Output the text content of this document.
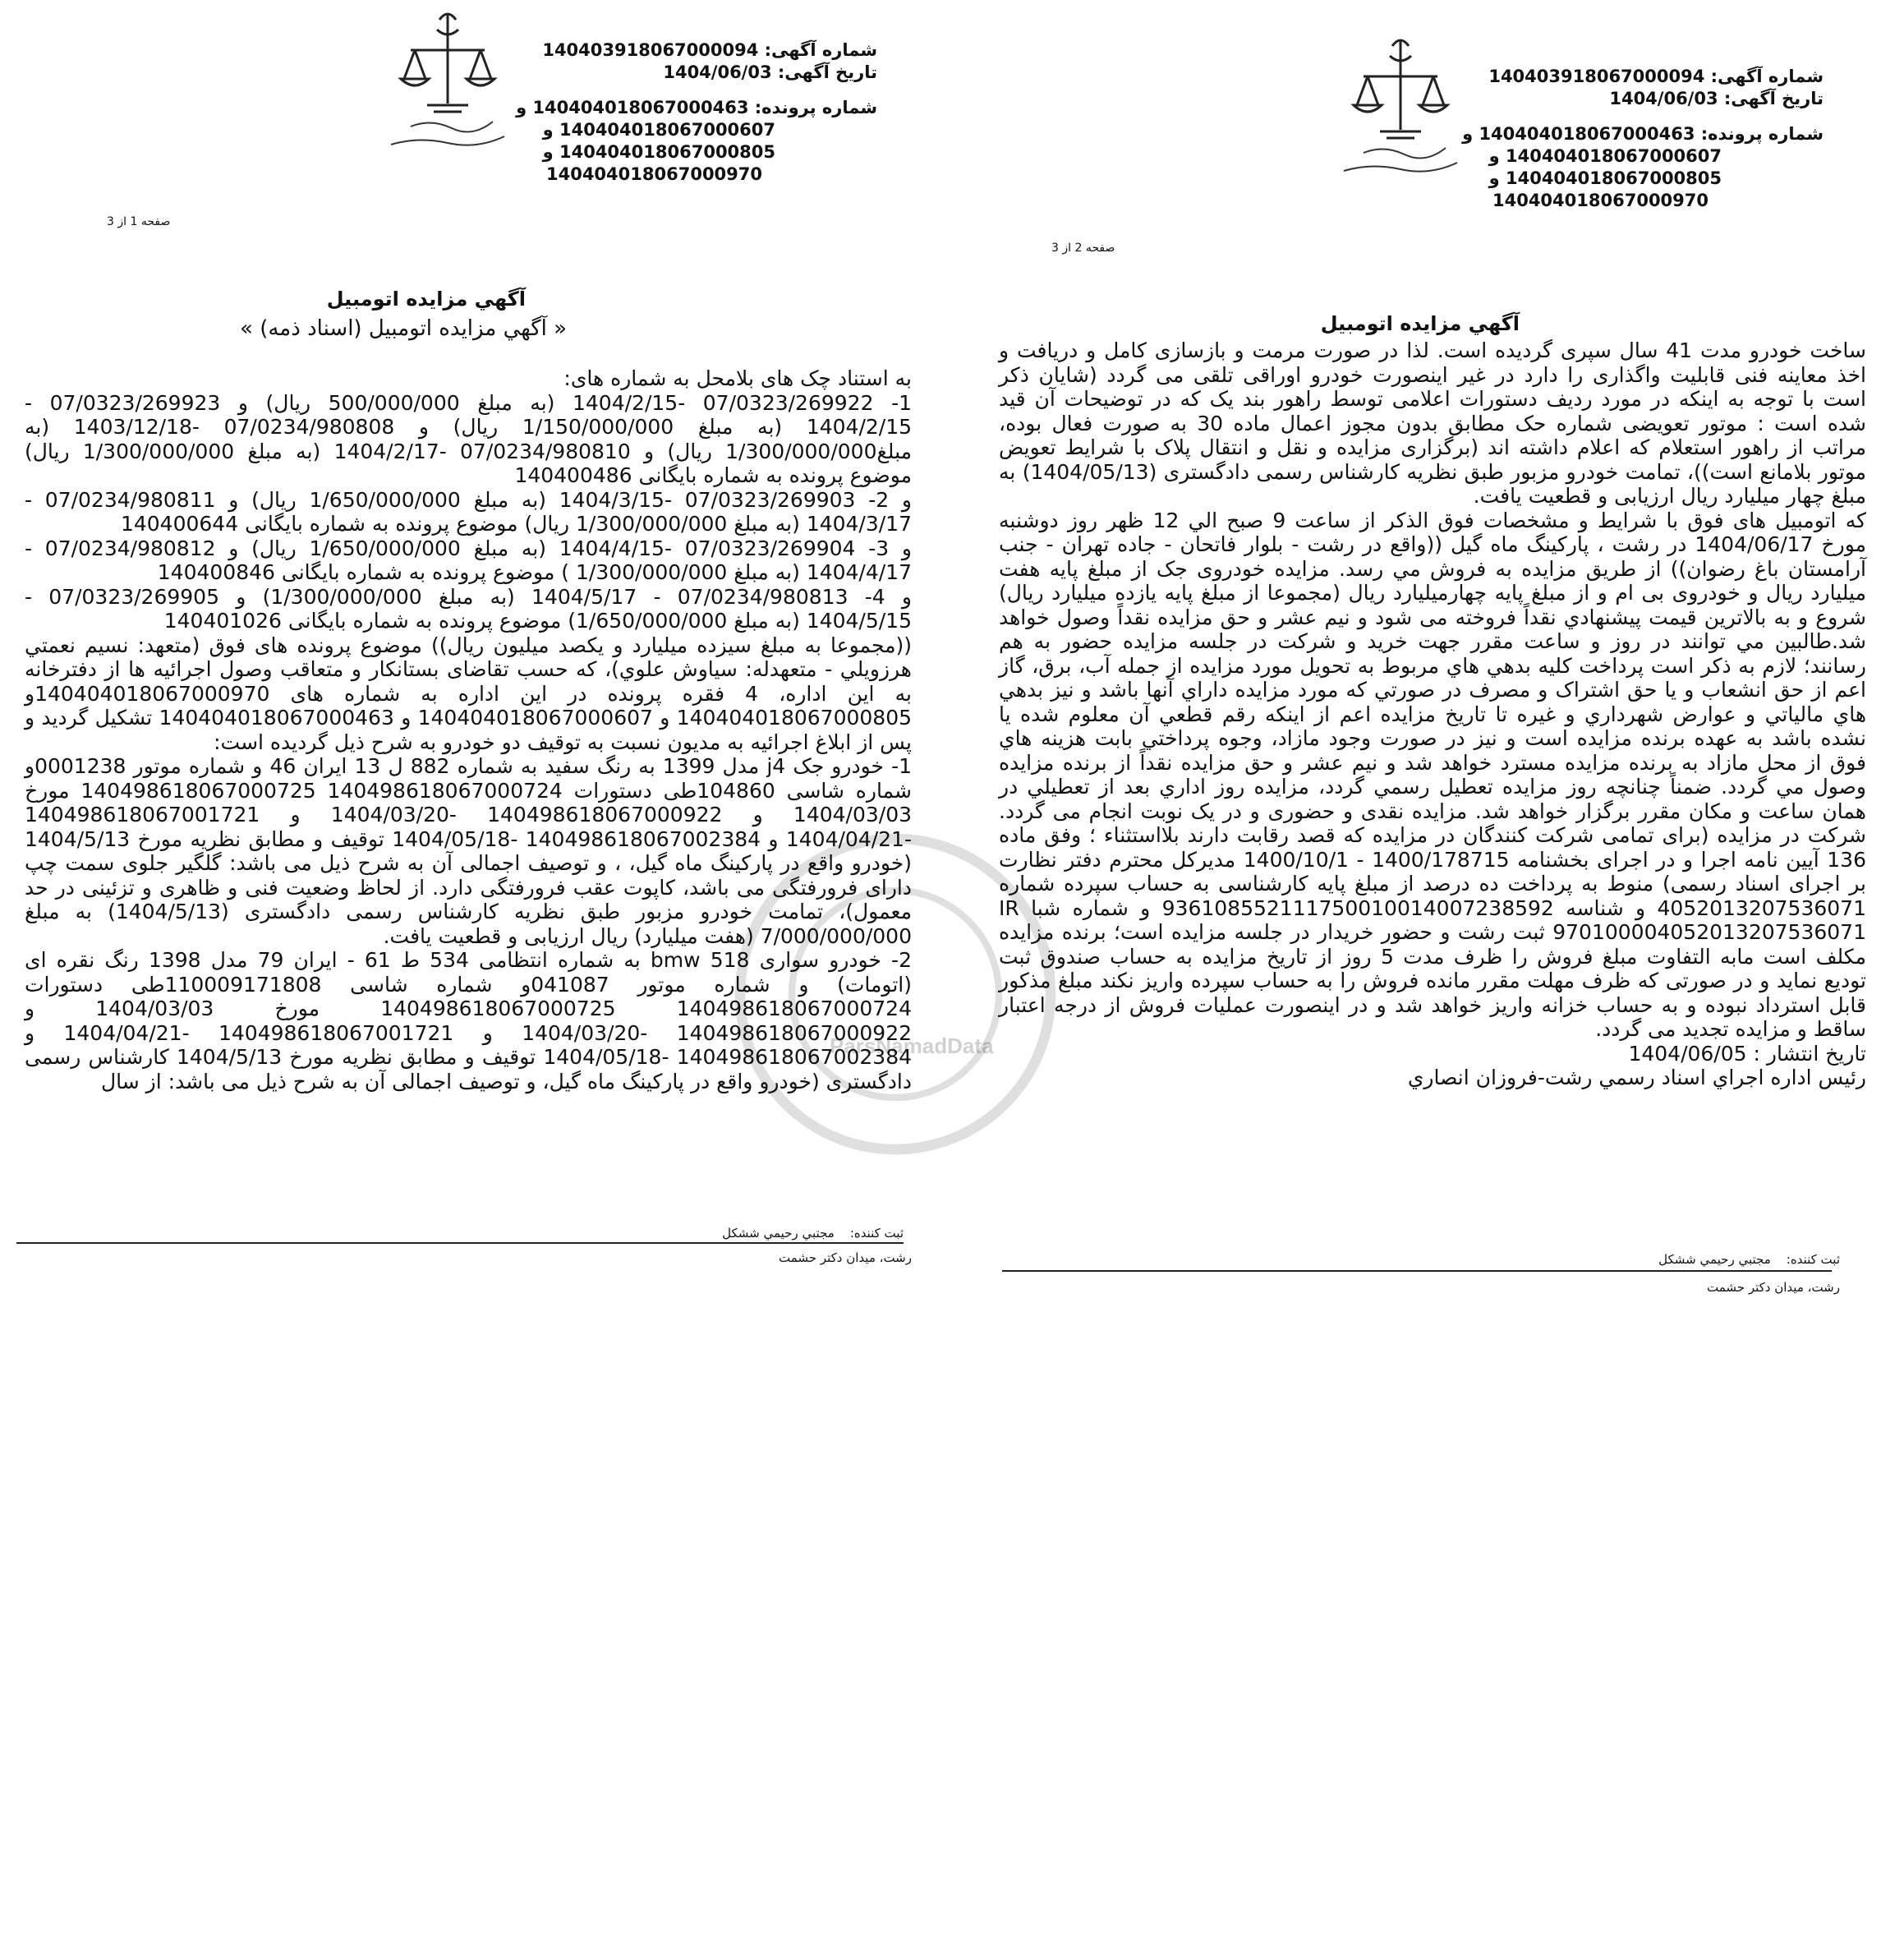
شماره آگهی: 140403918067000094
تاریخ آگهی: 1404/06/03
شماره پرونده: 140404018067000463 و
140404018067000607 و
140404018067000805 و
140404018067000970
صفحه 1 از 3
آگهي مزايده اتومبيل
« آگهي مزايده اتومبيل (اسناد ذمه) »

به استناد چک های بلامحل به شماره های:

1- 07/0323/269922 -1404/2/15 (به مبلغ 500/000/000 ريال) و 07/0323/269923 - 1404/2/15 (به مبلغ 1/150/000/000 ريال) و 07/0234/980808 -1403/12/18 (به مبلغ1/300/000/000 ريال) و 07/0234/980810 -1404/2/17 (به مبلغ 1/300/000/000 ريال) موضوع پرونده به شماره بایگانی 140400486

و 2- 07/0323/269903 -1404/3/15 (به مبلغ 1/650/000/000 ريال) و 07/0234/980811 - 1404/3/17 (به مبلغ 1/300/000/000 ريال) موضوع پرونده به شماره بایگانی 140400644

و 3- 07/0323/269904 -1404/4/15 (به مبلغ 1/650/000/000 ريال) و 07/0234/980812 - 1404/4/17 (به مبلغ 1/300/000/000 ) موضوع پرونده به شماره بایگانی 140400846

و 4- 07/0234/980813 - 1404/5/17 (به مبلغ 1/300/000/000) و 07/0323/269905 - 1404/5/15 (به مبلغ 1/650/000/000) موضوع پرونده به شماره بایگانی 140401026

((مجموعا به مبلغ سیزده میلیارد و یکصد میلیون ريال)) موضوع پرونده های فوق (متعهد: نسیم نعمتي هرزويلي - متعهدله: سیاوش علوي)، كه حسب تقاضای بستانکار و متعاقب وصول اجرائیه ها از دفترخانه به این اداره، 4 فقره پرونده در این اداره به شماره های 140404018067000970و 140404018067000805 و 140404018067000607 و 140404018067000463 تشکیل گرديد و پس از ابلاغ اجرائیه به مديون نسبت به توقیف دو خودرو به شرح ذیل گردیده است:

1- خودرو جک j4 مدل 1399 به رنگ سفید به شماره 882 ل 13 ایران 46 و شماره موتور 0001238و شماره شاسی 104860طی دستورات 140498618067000724 140498618067000725 مورخ 1404/03/03 و 140498618067000922 -1404/03/20 و 140498618067001721 -1404/04/21 و 140498618067002384 -1404/05/18 توقیف و مطابق نظریه مورخ 1404/5/13 (خودرو واقع در پارکینگ ماه گیل، ، و توصیف اجمالی آن به شرح ذیل می باشد: گلگیر جلوی سمت چپ دارای فرورفتگی می باشد، کاپوت عقب فرورفتگی دارد. از لحاظ وضعیت فنی و ظاهری و تزئینی در حد معمول)، تمامت خودرو مزبور طبق نظریه کارشناس رسمی دادگستری (1404/5/13) به مبلغ 7/000/000/000 (هفت میلیارد) ريال ارزيابی و قطعیت یافت.

2- خودرو سواری bmw 518 به شماره انتظامی 534 ط 61 - ایران 79 مدل 1398 رنگ نقره ای (اتومات) و شماره موتور 041087و شماره شاسی 110009171808طی دستورات 140498618067000724 140498618067000725 مورخ 1404/03/03 و 140498618067000922 -1404/03/20 و 140498618067001721 -1404/04/21 و 140498618067002384 -1404/05/18 توقیف و مطابق نظریه مورخ 1404/5/13 کارشناس رسمی دادگستری (خودرو واقع در پارکینگ ماه گیل، و توصیف اجمالی آن به شرح ذیل می باشد: از سال

ثبت كننده:    مجتبي رحيمي ششكل
رشت، میدان دکتر حشمت
شماره آگهی: 140403918067000094
تاریخ آگهی: 1404/06/03
شماره پرونده: 140404018067000463 و
140404018067000607 و
140404018067000805 و
140404018067000970
صفحه 2 از 3
آگهي مزايده اتومبيل

ساخت خودرو مدت 41 سال سپری گرديده است. لذا در صورت مرمت و بازسازی كامل و دريافت و اخذ معاينه فنی قابليت واگذاری را دارد در غير اينصورت خودرو اوراقی تلقی می گردد (شايان ذكر است با توجه به اينكه در مورد رديف دستورات اعلامی توسط راهور بند يک كه در توضيحات آن قيد شده است : موتور تعويضی شماره حک مطابق بدون مجوز اعمال ماده 30 به صورت فعال بوده، مراتب از راهور استعلام كه اعلام داشته اند (برگزاری مزايده و نقل و انتقال پلاک با شرايط تعويض موتور بلامانع است))، تمامت خودرو مزبور طبق نظريه كارشناس رسمی دادگستری (1404/05/13) به مبلغ چهار ميليارد ريال ارزيابی و قطعيت يافت.

كه اتومبيل های فوق با شرايط و مشخصات فوق الذكر از ساعت 9 صبح الي 12 ظهر روز دوشنبه مورخ 1404/06/17 در رشت ، پاركينگ ماه گيل ((واقع در رشت - بلوار فاتحان - جاده تهران - جنب آرامستان باغ رضوان)) از طريق مزايده به فروش مي رسد. مزايده خودروی جک از مبلغ پايه هفت ميليارد ريال و خودروی بی ام و از مبلغ پايه چهارميليارد ريال (مجموعا از مبلغ پايه يازده ميليارد ريال) شروع و به بالاترين قيمت پيشنهادي نقداً فروخته می شود و نيم عشر و حق مزايده نقداً وصول خواهد شد.طالبين مي توانند در روز و ساعت مقرر جهت خريد و شركت در جلسه مزايده حضور به هم رسانند؛ لازم به ذكر است پرداخت كليه بدهي هاي مربوط به تحويل مورد مزايده از جمله آب، برق، گاز اعم از حق انشعاب و يا حق اشتراک و مصرف در صورتي كه مورد مزايده داراي آنها باشد و نيز بدهي هاي مالياتي و عوارض شهرداري و غيره تا تاريخ مزايده اعم از اينكه رقم قطعي آن معلوم شده يا نشده باشد به عهده برنده مزايده است و نيز در صورت وجود مازاد، وجوه پرداختي بابت هزينه هاي فوق از محل مازاد به برنده مزايده مسترد خواهد شد و نيم عشر و حق مزايده نقداً از برنده مزايده وصول مي گردد. ضمناً چنانچه روز مزايده تعطيل رسمي گردد، مزايده روز اداري بعد از تعطيلي در همان ساعت و مكان مقرر برگزار خواهد شد. مزايده نقدی و حضوری و در يک نوبت انجام می گردد. شركت در مزايده (برای تمامی شركت كنندگان در مزايده كه قصد رقابت دارند بلااستثناء ؛ وفق ماده 136 آيين نامه اجرا و در اجرای بخشنامه 1400/178715 - 1400/10/1 مديركل محترم دفتر نظارت بر اجرای اسناد رسمی) منوط به پرداخت ده درصد از مبلغ پايه كارشناسی به حساب سپرده شماره 4052013207536071 و شناسه 936108552111750010014007238592 و شماره شبا IR 970100004052013207536071 ثبت رشت و حضور خريدار در جلسه مزايده است؛ برنده مزايده مكلف است مابه التفاوت مبلغ فروش را ظرف مدت 5 روز از تاريخ مزايده به حساب صندوق ثبت توديع نمايد و در صورتی كه ظرف مهلت مقرر مانده فروش را به حساب سپرده واريز نكند مبلغ مذكور قابل استرداد نبوده و به حساب خزانه واريز خواهد شد و در اينصورت عمليات فروش از درجه اعتبار ساقط و مزايده تجديد می گردد.

تاریخ انتشار : 1404/06/05

رئيس اداره اجراي اسناد رسمي رشت-فروزان انصاري

ثبت كننده:    مجتبي رحيمي ششكل
رشت، میدان دکتر حشمت
ParsNamadData
